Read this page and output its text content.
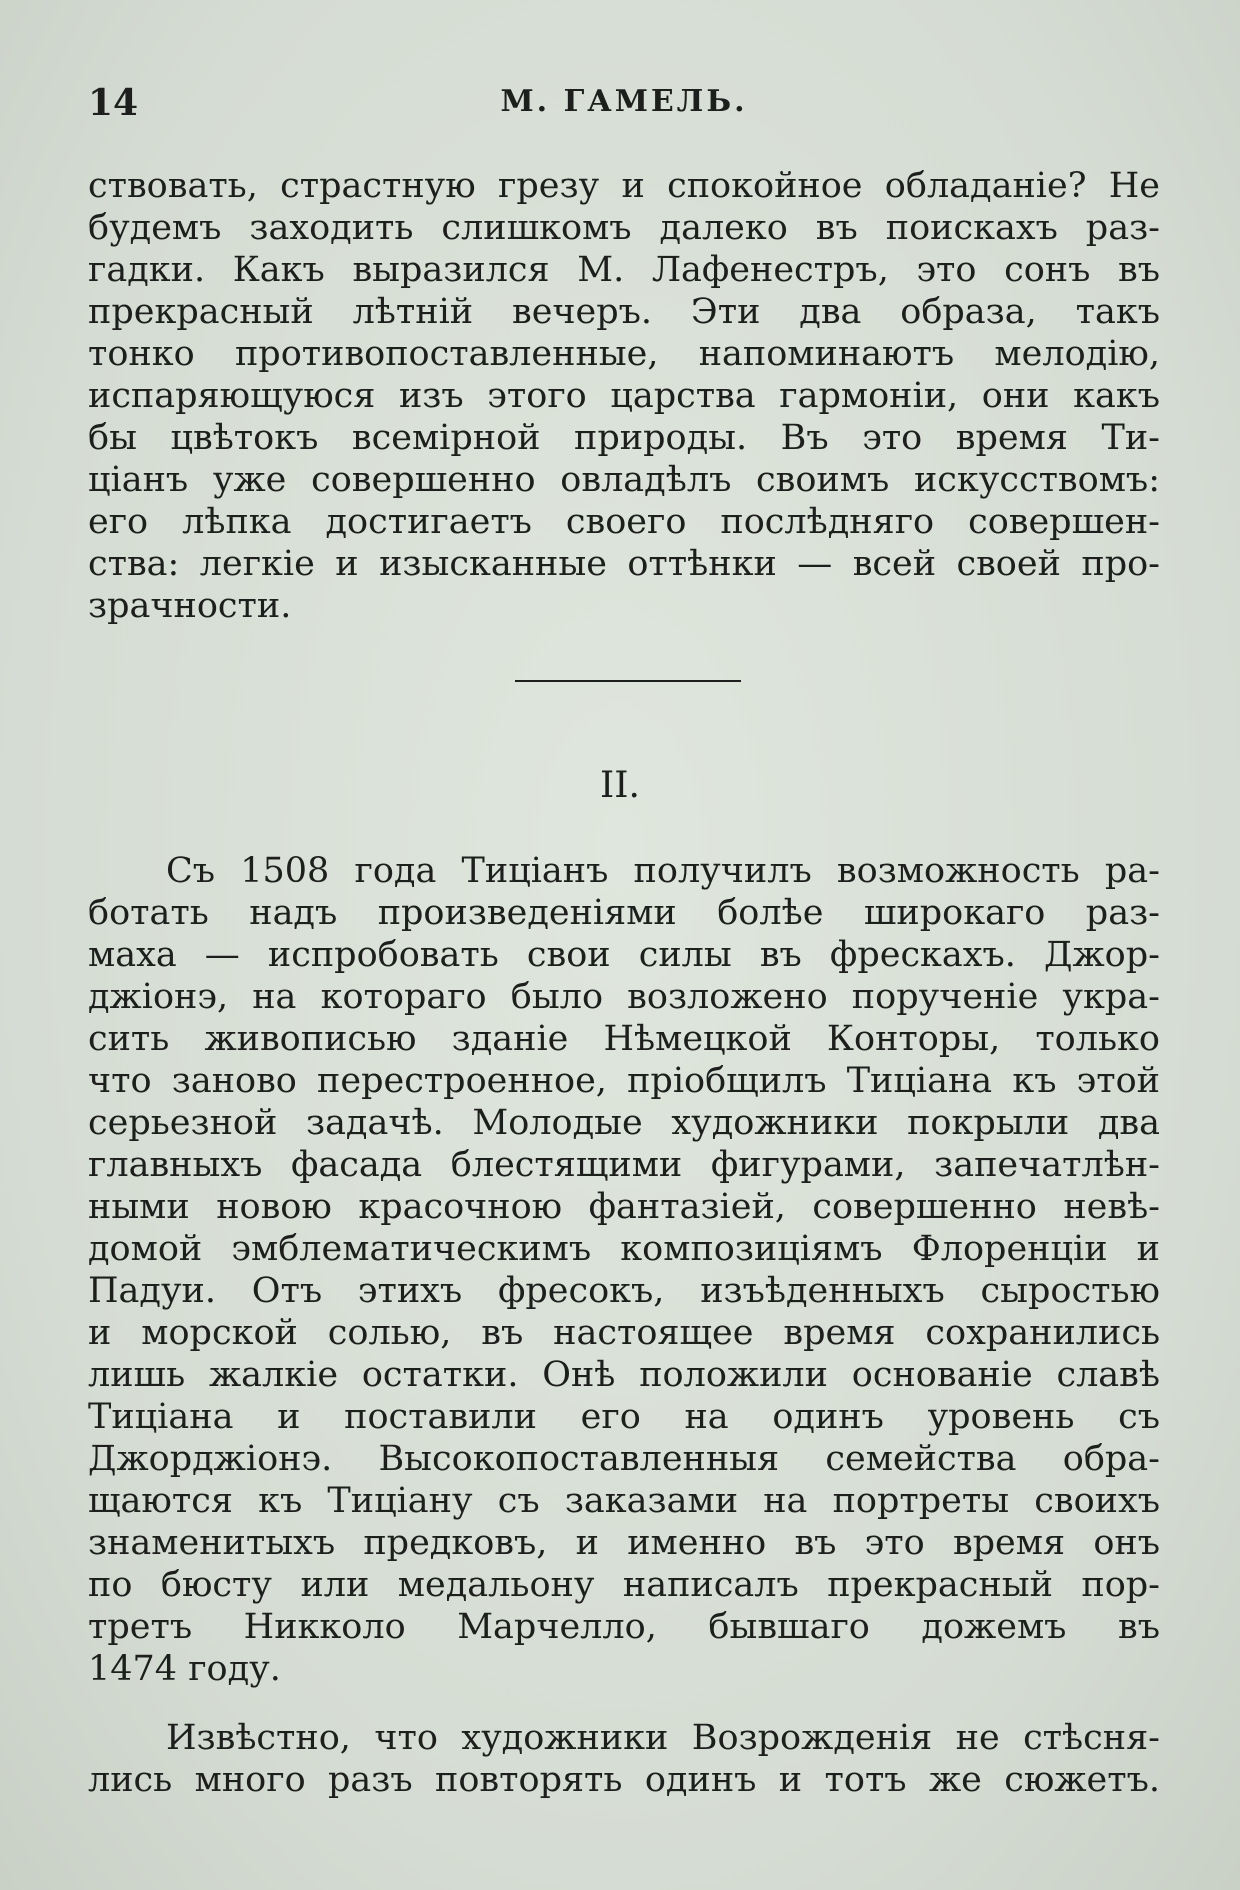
14	М. ГАМЕЛЬ.
ствовать, страстную грезу и спокойное обладанiе? Не
будемъ заходить слишкомъ далеко въ поискахъ раз-
гадки. Какъ выразился М. Лафенестръ, это сонъ въ
прекрасный лѣтнiй вечеръ. Эти два образа, такъ
тонко противопоставленные, напоминаютъ мелодiю,
испаряющуюся изъ этого царства гармонiи, они какъ
бы цвѣтокъ всемiрной природы. Въ это время Ти-
цiанъ уже совершенно овладѣлъ своимъ искусствомъ:
его лѣпка достигаетъ своего послѣдняго совершен-
ства: легкiе и изысканные оттѣнки — всей своей про-
зрачности.
II.
Съ 1508 года Тицiанъ получилъ возможность ра-
ботать надъ произведенiями болѣе широкаго раз-
маха — испробовать свои силы въ фрескахъ. Джор-
джiонэ, на котораго было возложено порученiе укра-
сить живописью зданiе Нѣмецкой Конторы, только
что заново перестроенное, прiобщилъ Тицiана къ этой
серьезной задачѣ. Молодые художники покрыли два
главныхъ фасада блестящими фигурами, запечатлѣн-
ными новою красочною фантазiей, совершенно невѣ-
домой эмблематическимъ композицiямъ Флоренцiи и
Падуи. Отъ этихъ фресокъ, изъѣденныхъ сыростью
и морской солью, въ настоящее время сохранились
лишь жалкiе остатки. Онѣ положили основанiе славѣ
Тицiана и поставили его на одинъ уровень съ
Джорджiонэ. Высокопоставленныя семейства обра-
щаются къ Тицiану съ заказами на портреты своихъ
знаменитыхъ предковъ, и именно въ это время онъ
по бюсту или медальону написалъ прекрасный пор-
третъ Никколо Марчелло, бывшаго дожемъ въ
1474 году.
Извѣстно, что художники Возрожденiя не стѣсня-
лись много разъ повторять одинъ и тотъ же сюжетъ.
